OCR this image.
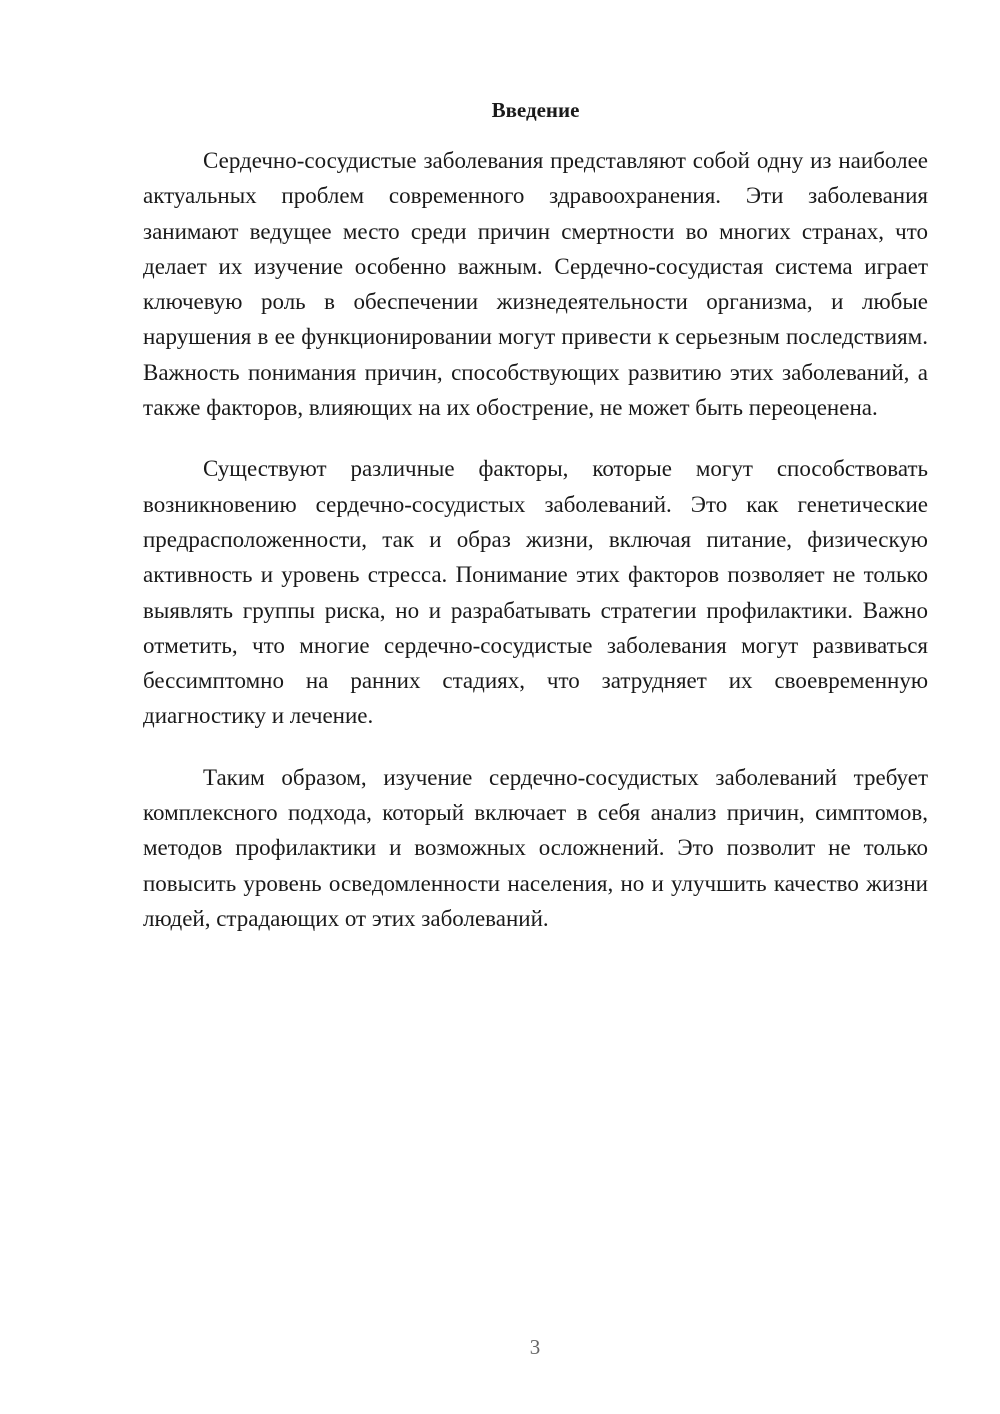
Введение

Сердечно-сосудистые заболевания представляют собой одну из наиболее актуальных проблем современного здравоохранения. Эти заболевания занимают ведущее место среди причин смертности во многих странах, что делает их изучение особенно важным. Сердечно-сосудистая система играет ключевую роль в обеспечении жизнедеятельности организма, и любые нарушения в ее функционировании могут привести к серьезным последствиям. Важность понимания причин, способствующих развитию этих заболеваний, а также факторов, влияющих на их обострение, не может быть переоценена.

Существуют различные факторы, которые могут способствовать возникновению сердечно-сосудистых заболеваний. Это как генетические предрасположенности, так и образ жизни, включая питание, физическую активность и уровень стресса. Понимание этих факторов позволяет не только выявлять группы риска, но и разрабатывать стратегии профилактики. Важно отметить, что многие сердечно-сосудистые заболевания могут развиваться бессимптомно на ранних стадиях, что затрудняет их своевременную диагностику и лечение.

Таким образом, изучение сердечно-сосудистых заболеваний требует комплексного подхода, который включает в себя анализ причин, симптомов, методов профилактики и возможных осложнений. Это позволит не только повысить уровень осведомленности населения, но и улучшить качество жизни людей, страдающих от этих заболеваний.

3
